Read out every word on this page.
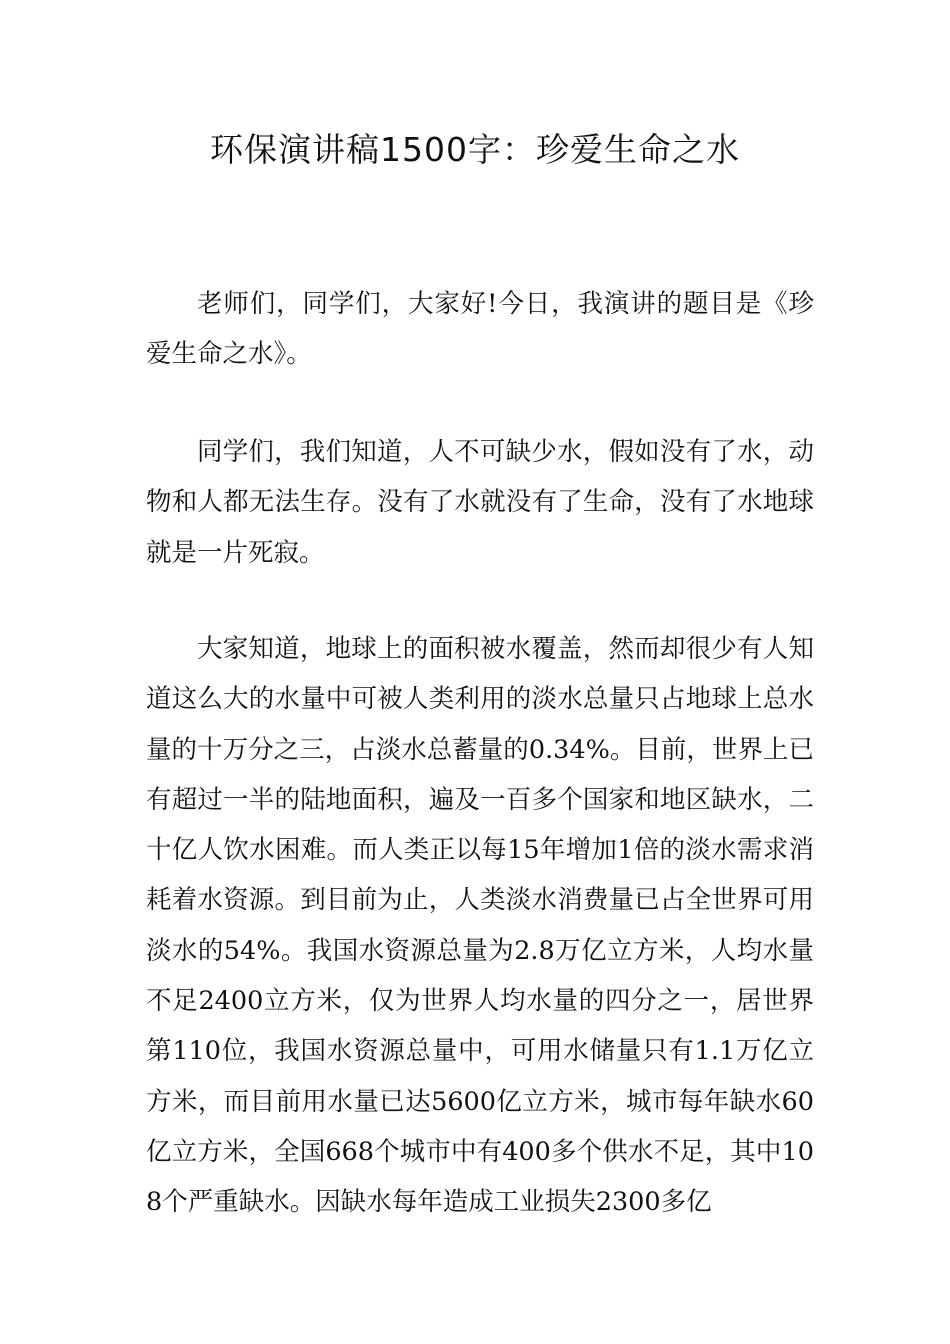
环保演讲稿1500字：珍爱生命之水

老师们，同学们，大家好!今日，我演讲的题目是《珍爱生命之水》。

同学们，我们知道，人不可缺少水，假如没有了水，动物和人都无法生存。没有了水就没有了生命，没有了水地球就是一片死寂。

大家知道，地球上的面积被水覆盖，然而却很少有人知道这么大的水量中可被人类利用的淡水总量只占地球上总水量的十万分之三，占淡水总蓄量的0.34%。目前，世界上已有超过一半的陆地面积，遍及一百多个国家和地区缺水，二十亿人饮水困难。而人类正以每15年增加1倍的淡水需求消耗着水资源。到目前为止，人类淡水消费量已占全世界可用淡水的54%。我国水资源总量为2.8万亿立方米，人均水量不足2400立方米，仅为世界人均水量的四分之一，居世界第110位，我国水资源总量中，可用水储量只有1.1万亿立方米，而目前用水量已达5600亿立方米，城市每年缺水60亿立方米，全国668个城市中有400多个供水不足，其中108个严重缺水。因缺水每年造成工业损失2300多亿
